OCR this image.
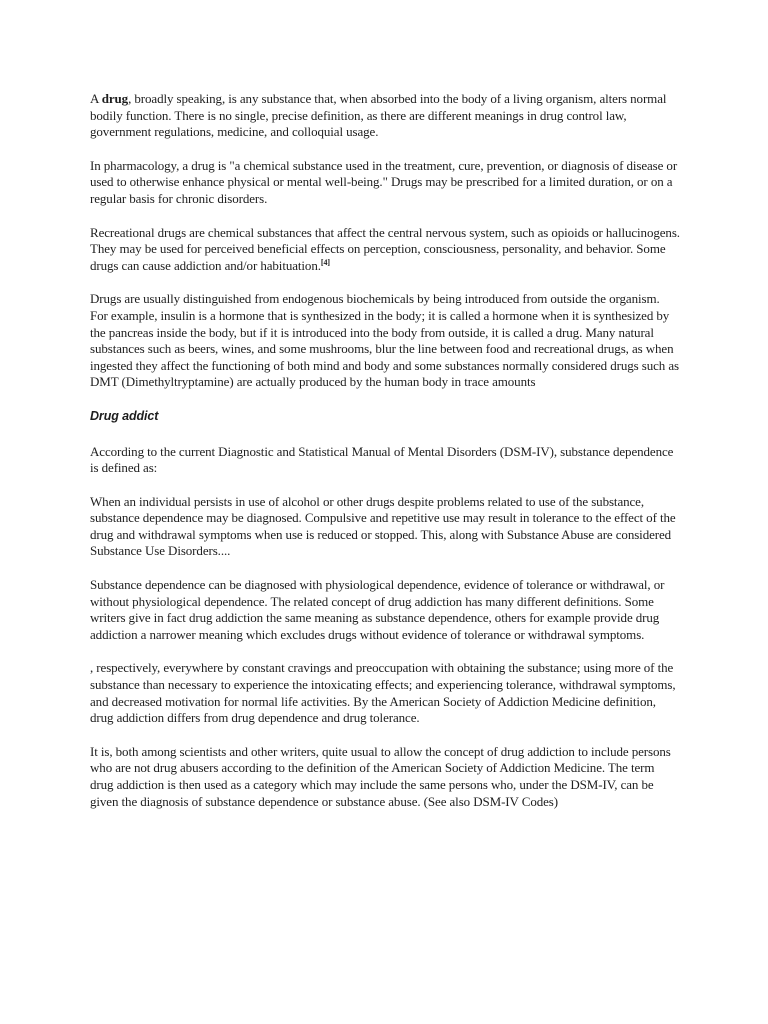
A drug, broadly speaking, is any substance that, when absorbed into the body of a living organism, alters normal bodily function. There is no single, precise definition, as there are different meanings in drug control law, government regulations, medicine, and colloquial usage.

In pharmacology, a drug is "a chemical substance used in the treatment, cure, prevention, or diagnosis of disease or used to otherwise enhance physical or mental well-being." Drugs may be prescribed for a limited duration, or on a regular basis for chronic disorders.

Recreational drugs are chemical substances that affect the central nervous system, such as opioids or hallucinogens. They may be used for perceived beneficial effects on perception, consciousness, personality, and behavior. Some drugs can cause addiction and/or habituation.[4]

Drugs are usually distinguished from endogenous biochemicals by being introduced from outside the organism. For example, insulin is a hormone that is synthesized in the body; it is called a hormone when it is synthesized by the pancreas inside the body, but if it is introduced into the body from outside, it is called a drug. Many natural substances such as beers, wines, and some mushrooms, blur the line between food and recreational drugs, as when ingested they affect the functioning of both mind and body and some substances normally considered drugs such as DMT (Dimethyltryptamine) are actually produced by the human body in trace amounts

Drug addict

According to the current Diagnostic and Statistical Manual of Mental Disorders (DSM-IV), substance dependence is defined as:

When an individual persists in use of alcohol or other drugs despite problems related to use of the substance, substance dependence may be diagnosed. Compulsive and repetitive use may result in tolerance to the effect of the drug and withdrawal symptoms when use is reduced or stopped. This, along with Substance Abuse are considered Substance Use Disorders....

Substance dependence can be diagnosed with physiological dependence, evidence of tolerance or withdrawal, or without physiological dependence. The related concept of drug addiction has many different definitions. Some writers give in fact drug addiction the same meaning as substance dependence, others for example provide drug addiction a narrower meaning which excludes drugs without evidence of tolerance or withdrawal symptoms.

, respectively, everywhere by constant cravings and preoccupation with obtaining the substance; using more of the substance than necessary to experience the intoxicating effects; and experiencing tolerance, withdrawal symptoms, and decreased motivation for normal life activities. By the American Society of Addiction Medicine definition, drug addiction differs from drug dependence and drug tolerance.

It is, both among scientists and other writers, quite usual to allow the concept of drug addiction to include persons who are not drug abusers according to the definition of the American Society of Addiction Medicine. The term drug addiction is then used as a category which may include the same persons who, under the DSM-IV, can be given the diagnosis of substance dependence or substance abuse. (See also DSM-IV Codes)
